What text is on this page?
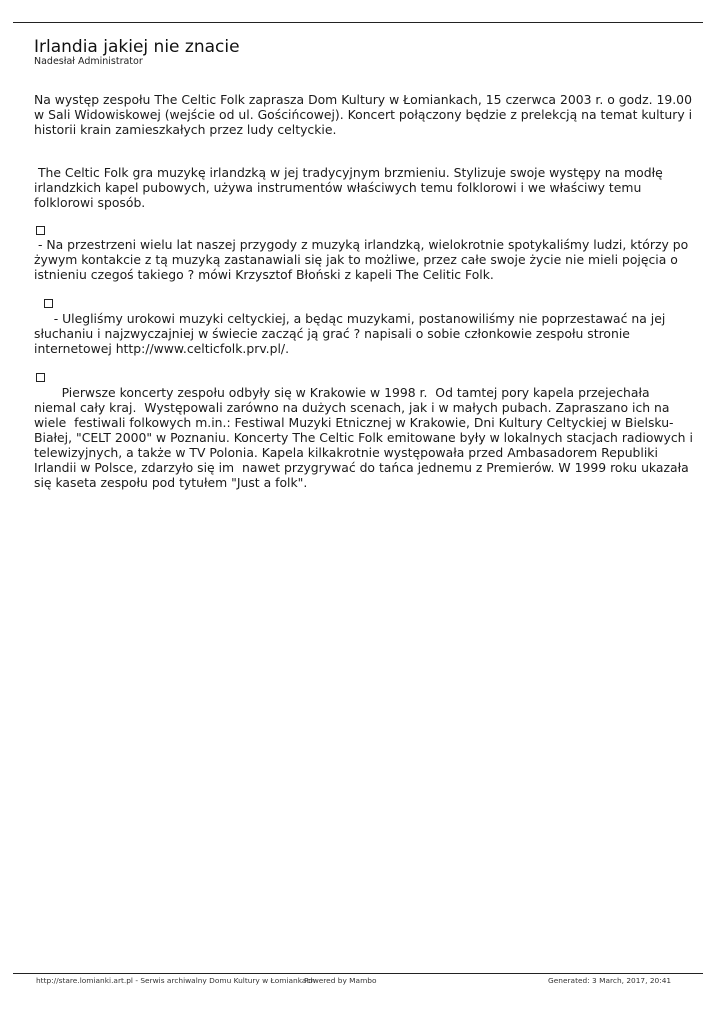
Irlandia jakiej nie znacie
Nadesłał Administrator

Na występ zespołu The Celtic Folk zaprasza Dom Kultury w Łomiankach, 15 czerwca 2003 r. o godz. 19.00 w Sali Widowiskowej (wejście od ul. Gościńcowej). Koncert połączony będzie z prelekcją na temat kultury i historii krain zamieszkałych przez ludy celtyckie.

The Celtic Folk gra muzykę irlandzką w jej tradycyjnym brzmieniu. Stylizuje swoje występy na modłę irlandzkich kapel pubowych, używa instrumentów właściwych temu folklorowi i we właściwy temu folklorowi sposób.

- Na przestrzeni wielu lat naszej przygody z muzyką irlandzką, wielokrotnie spotykaliśmy ludzi, którzy po żywym kontakcie z tą muzyką zastanawiali się jak to możliwe, przez całe swoje życie nie mieli pojęcia o istnieniu czegoś takiego ? mówi Krzysztof Błoński z kapeli The Celitic Folk.

- Ulegliśmy urokowi muzyki celtyckiej, a będąc muzykami, postanowiliśmy nie poprzestawać na jej słuchaniu i najzwyczajniej w świecie zacząć ją grać ? napisali o sobie członkowie zespołu stronie internetowej http://www.celticfolk.prv.pl/.

Pierwsze koncerty zespołu odbyły się w Krakowie w 1998 r.  Od tamtej pory kapela przejechała niemal cały kraj.  Występowali zarówno na dużych scenach, jak i w małych pubach. Zapraszano ich na wiele  festiwali folkowych m.in.: Festiwal Muzyki Etnicznej w Krakowie, Dni Kultury Celtyckiej w Bielsku-Białej, "CELT 2000" w Poznaniu. Koncerty The Celtic Folk emitowane były w lokalnych stacjach radiowych i telewizyjnych, a także w TV Polonia. Kapela kilkakrotnie występowała przed Ambasadorem Republiki Irlandii w Polsce, zdarzyło się im  nawet przygrywać do tańca jednemu z Premierów. W 1999 roku ukazała się kaseta zespołu pod tytułem "Just a folk".

http://stare.lomianki.art.pl - Serwis archiwalny Domu Kultury w Łomiankach
Powered by Mambo	Generated: 3 March, 2017, 20:41
